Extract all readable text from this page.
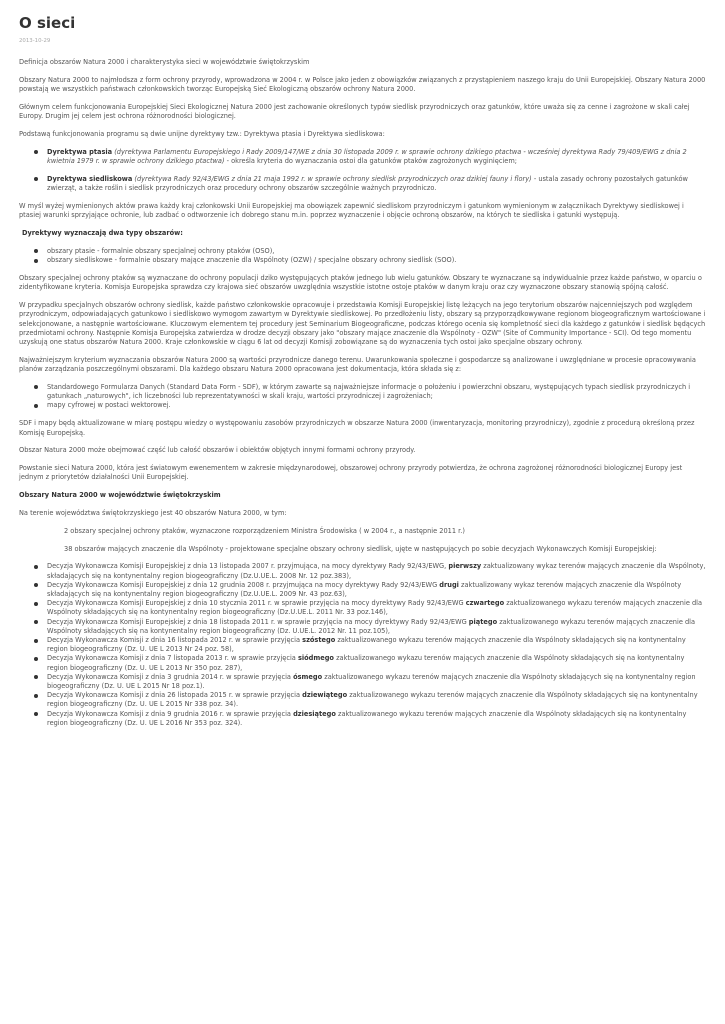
O sieci
2013-10-29

Definicja obszarów Natura 2000 i charakterystyka sieci w województwie świętokrzyskim

Obszary Natura 2000 to najmłodsza z form ochrony przyrody, wprowadzona w 2004 r. w Polsce jako jeden z obowiązków związanych z przystąpieniem naszego kraju do Unii Europejskiej. Obszary Natura 2000 powstają we wszystkich państwach członkowskich tworząc Europejską Sieć Ekologiczną obszarów ochrony Natura 2000.

Głównym celem funkcjonowania Europejskiej Sieci Ekologicznej Natura 2000 jest zachowanie określonych typów siedlisk przyrodniczych oraz gatunków, które uważa się za cenne i zagrożone w skali całej Europy. Drugim jej celem jest ochrona różnorodności biologicznej.

Podstawą funkcjonowania programu są dwie unijne dyrektywy tzw.: Dyrektywa ptasia i Dyrektywa siedliskowa:

Dyrektywa ptasia (dyrektywa Parlamentu Europejskiego i Rady 2009/147/WE z dnia 30 listopada 2009 r. w sprawie ochrony dzikiego ptactwa - wcześniej dyrektywa Rady 79/409/EWG z dnia 2 kwietnia 1979 r. w sprawie ochrony dzikiego ptactwa) - określa kryteria do wyznaczania ostoi dla gatunków ptaków zagrożonych wyginięciem;
Dyrektywa siedliskowa (dyrektywa Rady 92/43/EWG z dnia 21 maja 1992 r. w sprawie ochrony siedlisk przyrodniczych oraz dzikiej fauny i flory) - ustala zasady ochrony pozostałych gatunków zwierząt, a także roślin i siedlisk przyrodniczych oraz procedury ochrony obszarów szczególnie ważnych przyrodniczo.

W myśl wyżej wymienionych aktów prawa każdy kraj członkowski Unii Europejskiej ma obowiązek zapewnić siedliskom przyrodniczym i gatunkom wymienionym w załącznikach Dyrektywy siedliskowej i ptasiej warunki sprzyjające ochronie, lub zadbać o odtworzenie ich dobrego stanu m.in. poprzez wyznaczenie i objęcie ochroną obszarów, na których te siedliska i gatunki występują.

Dyrektywy wyznaczają dwa typy obszarów:

obszary ptasie - formalnie obszary specjalnej ochrony ptaków (OSO),
obszary siedliskowe - formalnie obszary mające znaczenie dla Wspólnoty (OZW) / specjalne obszary ochrony siedlisk (SOO).

Obszary specjalnej ochrony ptaków są wyznaczane do ochrony populacji dziko występujących ptaków jednego lub wielu gatunków. Obszary te wyznaczane są indywidualnie przez każde państwo, w oparciu o zidentyfikowane kryteria. Komisja Europejska sprawdza czy krajowa sieć obszarów uwzględnia wszystkie istotne ostoje ptaków w danym kraju oraz czy wyznaczone obszary stanowią spójną całość.

W przypadku specjalnych obszarów ochrony siedlisk, każde państwo członkowskie opracowuje i przedstawia Komisji Europejskiej listę leżących na jego terytorium obszarów najcenniejszych pod względem przyrodniczym, odpowiadających gatunkowo i siedliskowo wymogom zawartym w Dyrektywie siedliskowej. Po przedłożeniu listy, obszary są przyporządkowywane regionom biogeograficznym wartościowane i selekcjonowane, a następnie wartościowane. Kluczowym elementem tej procedury jest Seminarium Biogeograficzne, podczas którego ocenia się kompletność sieci dla każdego z gatunków i siedlisk będących przedmiotami ochrony. Następnie Komisja Europejska zatwierdza w drodze decyzji obszary jako "obszary mające znaczenie dla Wspólnoty - OZW" (Site of Community Importance - SCI). Od tego momentu uzyskują one status obszarów Natura 2000. Kraje członkowskie w ciągu 6 lat od decyzji Komisji zobowiązane są do wyznaczenia tych ostoi jako specjalne obszary ochrony.

Najważniejszym kryterium wyznaczania obszarów Natura 2000 są wartości przyrodnicze danego terenu. Uwarunkowania społeczne i gospodarcze są analizowane i uwzględniane w procesie opracowywania planów zarządzania poszczególnymi obszarami. Dla każdego obszaru Natura 2000 opracowana jest dokumentacja, która składa się z:

Standardowego Formularza Danych (Standard Data Form - SDF), w którym zawarte są najważniejsze informacje o położeniu i powierzchni obszaru, występujących typach siedlisk przyrodniczych i gatunkach „naturowych", ich liczebności lub reprezentatywności w skali kraju, wartości przyrodniczej i zagrożeniach;
mapy cyfrowej w postaci wektorowej.

SDF i mapy będą aktualizowane w miarę postępu wiedzy o występowaniu zasobów przyrodniczych w obszarze Natura 2000 (inwentaryzacja, monitoring przyrodniczy), zgodnie z procedurą określoną przez Komisję Europejską.

Obszar Natura 2000 może obejmować część lub całość obszarów i obiektów objętych innymi formami ochrony przyrody.

Powstanie sieci Natura 2000, która jest światowym ewenementem w zakresie międzynarodowej, obszarowej ochrony przyrody potwierdza, że ochrona zagrożonej różnorodności biologicznej Europy jest jednym z priorytetów działalności Unii Europejskiej.

Obszary Natura 2000 w województwie świętokrzyskim

Na terenie województwa świętokrzyskiego jest 40 obszarów Natura 2000, w tym:

2 obszary specjalnej ochrony ptaków, wyznaczone rozporządzeniem Ministra Środowiska ( w 2004 r., a następnie 2011 r.)

38 obszarów mających znaczenie dla Wspólnoty - projektowane specjalne obszary ochrony siedlisk, ujęte w następujących po sobie decyzjach Wykonawczych Komisji Europejskiej:

Decyzja Wykonawcza Komisji Europejskiej z dnia 13 listopada 2007 r. przyjmująca, na mocy dyrektywy Rady 92/43/EWG, pierwszy zaktualizowany wykaz terenów mających znaczenie dla Wspólnoty, składających się na kontynentalny region biogeograficzny (Dz.U.UE.L. 2008 Nr. 12 poz.383),
Decyzja Wykonawcza Komisji Europejskiej z dnia 12 grudnia 2008 r. przyjmująca na mocy dyrektywy Rady 92/43/EWG drugi zaktualizowany wykaz terenów mających znaczenie dla Wspólnoty składających się na kontynentalny region biogeograficzny (Dz.U.UE.L. 2009 Nr. 43 poz.63),
Decyzja Wykonawcza Komisji Europejskiej z dnia 10 stycznia 2011 r. w sprawie przyjęcia na mocy dyrektywy Rady 92/43/EWG czwartego zaktualizowanego wykazu terenów mających znaczenie dla Wspólnoty składających się na kontynentalny region biogeograficzny (Dz.U.UE.L. 2011 Nr. 33 poz.146),
Decyzja Wykonawcza Komisji Europejskiej z dnia 18 listopada 2011 r. w sprawie przyjęcia na mocy dyrektywy Rady 92/43/EWG piątego zaktualizowanego wykazu terenów mających znaczenie dla Wspólnoty składających się na kontynentalny region biogeograficzny (Dz. U.UE.L. 2012 Nr. 11 poz.105),
Decyzja Wykonawcza Komisji z dnia 16 listopada 2012 r. w sprawie przyjęcia szóstego zaktualizowanego wykazu terenów mających znaczenie dla Wspólnoty składających się na kontynentalny region biogeograficzny (Dz. U. UE L 2013 Nr 24 poz. 58),
Decyzja Wykonawcza Komisji z dnia 7 listopada 2013 r. w sprawie przyjęcia siódmego zaktualizowanego wykazu terenów mających znaczenie dla Wspólnoty składających się na kontynentalny region biogeograficzny (Dz. U. UE L 2013 Nr 350 poz. 287),
Decyzja Wykonawcza Komisji z dnia 3 grudnia 2014 r. w sprawie przyjęcia ósmego zaktualizowanego wykazu terenów mających znaczenie dla Wspólnoty składających się na kontynentalny region biogeograficzny (Dz. U. UE L 2015 Nr 18 poz.1).
Decyzja Wykonawcza Komisji z dnia 26 listopada 2015 r. w sprawie przyjęcia dziewiątego zaktualizowanego wykazu terenów mających znaczenie dla Wspólnoty składających się na kontynentalny region biogeograficzny (Dz. U. UE L 2015 Nr 338 poz. 34).
Decyzja Wykonawcza Komisji z dnia 9 grudnia 2016 r. w sprawie przyjęcia dziesiątego zaktualizowanego wykazu terenów mających znaczenie dla Wspólnoty składających się na kontynentalny region biogeograficzny (Dz. U. UE L 2016 Nr 353 poz. 324).
